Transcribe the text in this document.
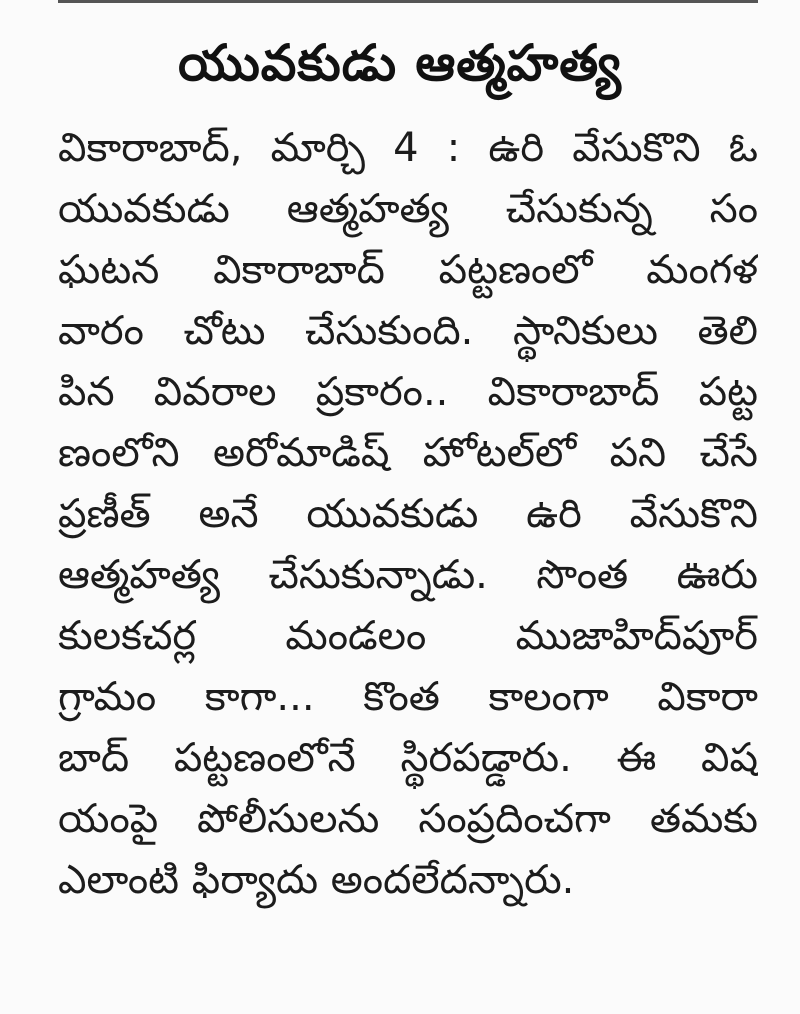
యువకుడు ఆత్మహత్య
వికారాబాద్, మార్చి 4 : ఉరి వేసుకొని ఓ
యువకుడు ఆత్మహత్య చేసుకున్న సం
ఘటన వికారాబాద్ పట్టణంలో మంగళ
వారం చోటు చేసుకుంది. స్థానికులు తెలి
పిన వివరాల ప్రకారం.. వికారాబాద్ పట్ట
ణంలోని అరోమాడిష్ హోటల్‌లో పని చేసే
ప్రణీత్ అనే యువకుడు ఉరి వేసుకొని
ఆత్మహత్య చేసుకున్నాడు. సొంత ఊరు
కులకచర్ల మండలం ముజాహిద్‌పూర్
గ్రామం కాగా... కొంత కాలంగా వికారా
బాద్ పట్టణంలోనే స్థిరపడ్డారు. ఈ విష
యంపై పోలీసులను సంప్రదించగా తమకు
ఎలాంటి ఫిర్యాదు అందలేదన్నారు.
